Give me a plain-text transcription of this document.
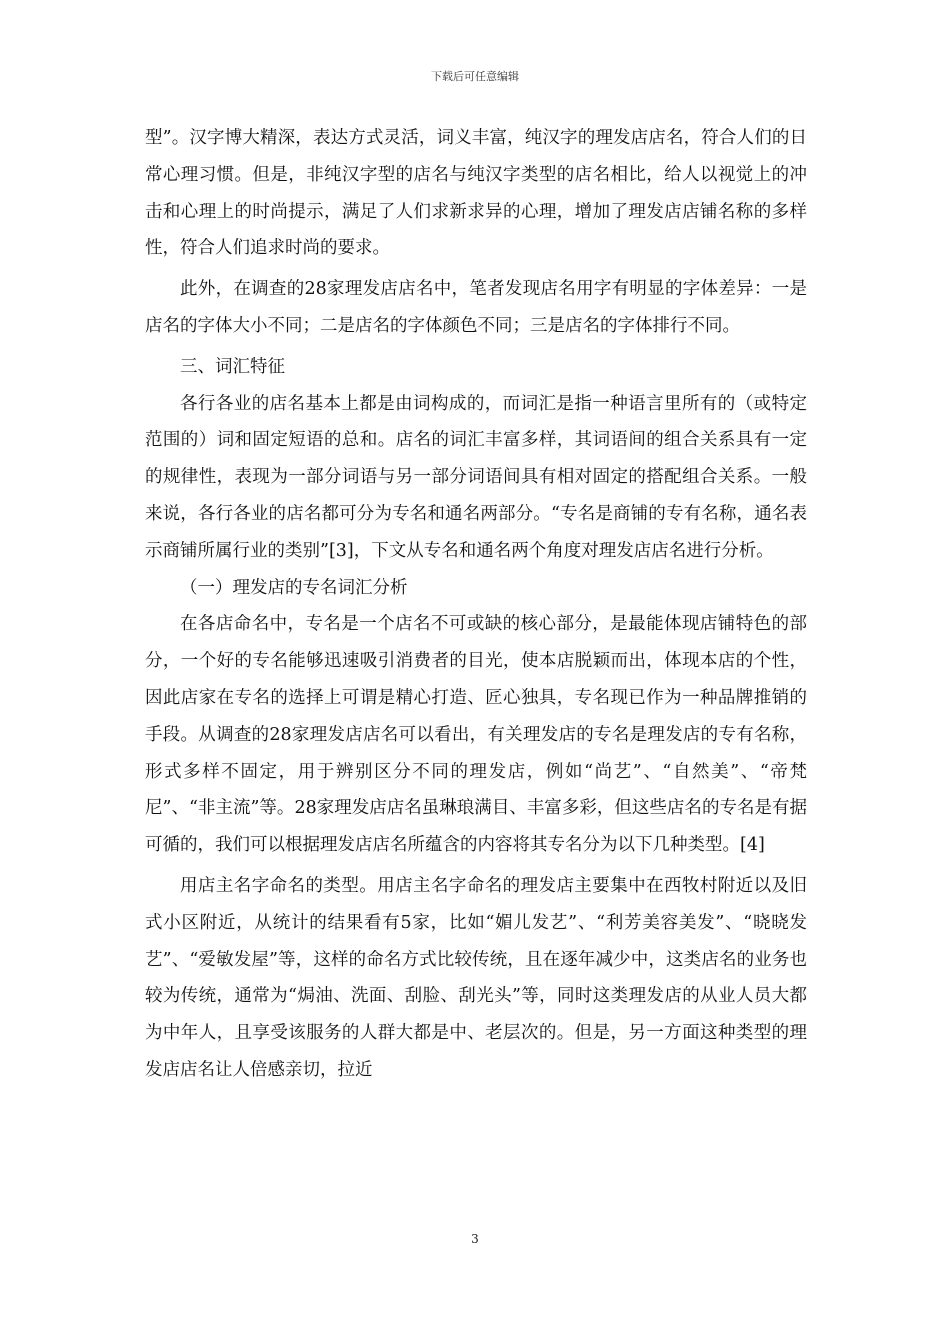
下载后可任意编辑

型”。汉字博大精深，表达方式灵活，词义丰富，纯汉字的理发店店名，符合人们的日常心理习惯。但是，非纯汉字型的店名与纯汉字类型的店名相比，给人以视觉上的冲击和心理上的时尚提示，满足了人们求新求异的心理，增加了理发店店铺名称的多样性，符合人们追求时尚的要求。

此外，在调查的28家理发店店名中，笔者发现店名用字有明显的字体差异：一是店名的字体大小不同；二是店名的字体颜色不同；三是店名的字体排行不同。

三、词汇特征

各行各业的店名基本上都是由词构成的，而词汇是指一种语言里所有的（或特定范围的）词和固定短语的总和。店名的词汇丰富多样，其词语间的组合关系具有一定的规律性，表现为一部分词语与另一部分词语间具有相对固定的搭配组合关系。一般来说，各行各业的店名都可分为专名和通名两部分。“专名是商铺的专有名称，通名表示商铺所属行业的类别”[3]，下文从专名和通名两个角度对理发店店名进行分析。

（一）理发店的专名词汇分析

在各店命名中，专名是一个店名不可或缺的核心部分，是最能体现店铺特色的部分，一个好的专名能够迅速吸引消费者的目光，使本店脱颖而出，体现本店的个性，因此店家在专名的选择上可谓是精心打造、匠心独具，专名现已作为一种品牌推销的手段。从调查的28家理发店店名可以看出，有关理发店的专名是理发店的专有名称，形式多样不固定，用于辨别区分不同的理发店，例如“尚艺”、“自然美”、“帝梵尼”、“非主流”等。28家理发店店名虽琳琅满目、丰富多彩，但这些店名的专名是有据可循的，我们可以根据理发店店名所蕴含的内容将其专名分为以下几种类型。[4]

用店主名字命名的类型。用店主名字命名的理发店主要集中在西牧村附近以及旧式小区附近，从统计的结果看有5家，比如“媚儿发艺”、“利芳美容美发”、“晓晓发艺”、“爱敏发屋”等，这样的命名方式比较传统，且在逐年减少中，这类店名的业务也较为传统，通常为“焗油、洗面、刮脸、刮光头”等，同时这类理发店的从业人员大都为中年人，且享受该服务的人群大都是中、老层次的。但是，另一方面这种类型的理发店店名让人倍感亲切，拉近

3
